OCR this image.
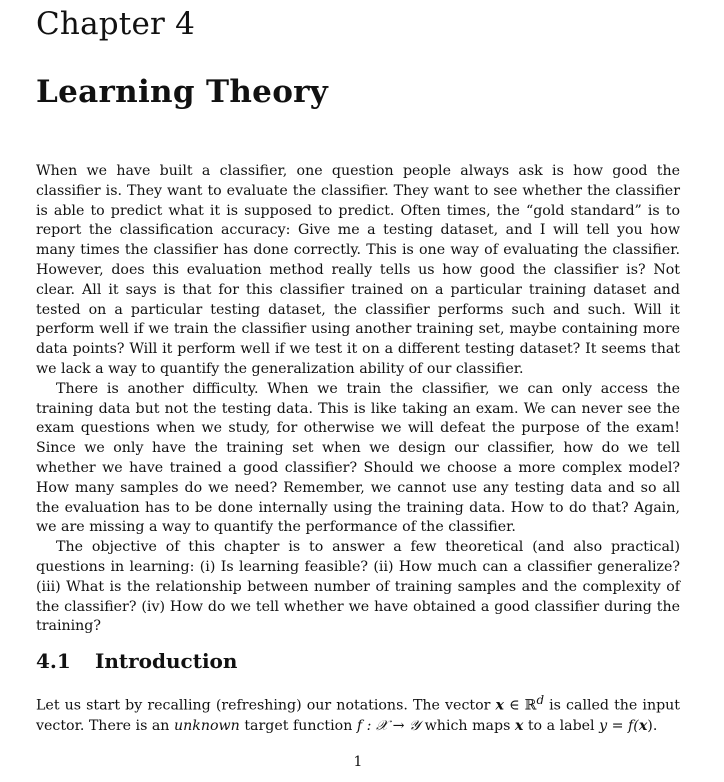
Chapter 4
Learning Theory

When we have built a classifier, one question people always ask is how good the classifier is. They want to evaluate the classifier. They want to see whether the classifier is able to predict what it is supposed to predict. Often times, the “gold standard” is to report the classification accuracy: Give me a testing dataset, and I will tell you how many times the classifier has done correctly. This is one way of evaluating the classifier. However, does this evaluation method really tells us how good the classifier is? Not clear. All it says is that for this classifier trained on a particular training dataset and tested on a particular testing dataset, the classifier performs such and such. Will it perform well if we train the classifier using another training set, maybe containing more data points? Will it perform well if we test it on a different testing dataset? It seems that we lack a way to quantify the generalization ability of our classifier.

There is another difficulty. When we train the classifier, we can only access the training data but not the testing data. This is like taking an exam. We can never see the exam questions when we study, for otherwise we will defeat the purpose of the exam! Since we only have the training set when we design our classifier, how do we tell whether we have trained a good classifier? Should we choose a more complex model? How many samples do we need? Remember, we cannot use any testing data and so all the evaluation has to be done internally using the training data. How to do that? Again, we are missing a way to quantify the performance of the classifier.

The objective of this chapter is to answer a few theoretical (and also practical) questions in learning: (i) Is learning feasible? (ii) How much can a classifier generalize? (iii) What is the relationship between number of training samples and the complexity of the classifier? (iv) How do we tell whether we have obtained a good classifier during the training?

4.1 Introduction

Let us start by recalling (refreshing) our notations. The vector x ∈ ℝ$^d$ is called the input vector. There is an unknown target function f : 𝒳 → 𝒴 which maps x to a label y = f(x).

1
